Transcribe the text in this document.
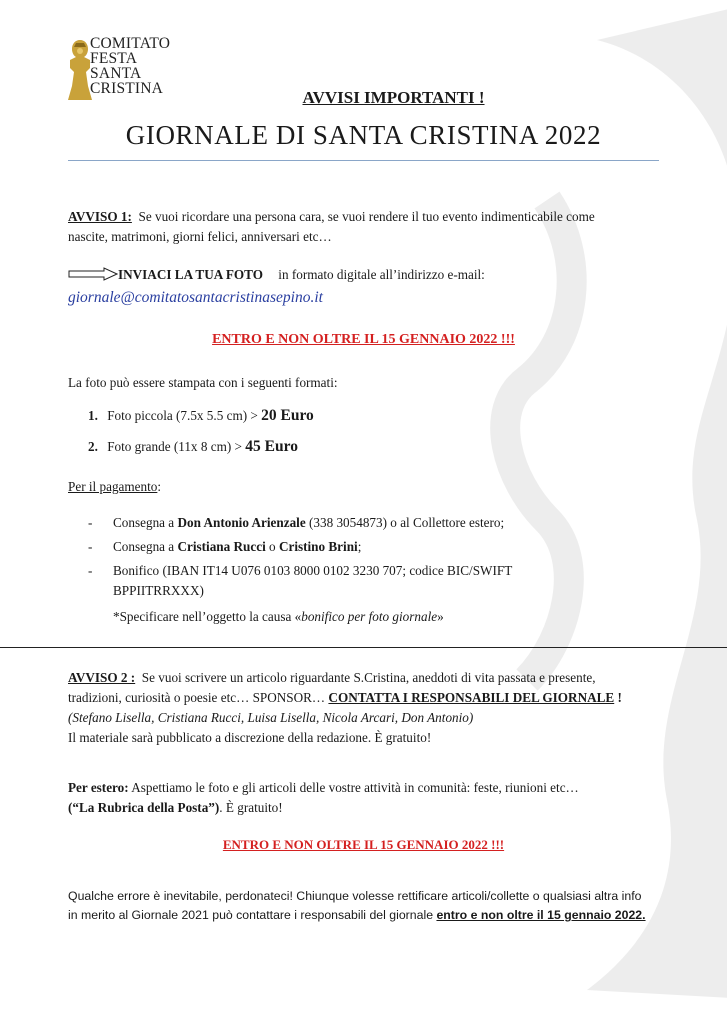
COMITATO
FESTA
SANTA
CRISTINA	AVVISI IMPORTANTI !
GIORNALE DI SANTA CRISTINA 2022
AVVISO 1: Se vuoi ricordare una persona cara, se vuoi rendere il tuo evento indimenticabile come
nascite, matrimoni, giorni felici, anniversari etc…
INVIACI LA TUA FOTO in formato digitale all’indirizzo e-mail:
giornale@comitatosantacristinasepino.it
ENTRO E NON OLTRE IL 15 GENNAIO 2022 !!!
La foto può essere stampata con i seguenti formati:
1. Foto piccola (7.5x 5.5 cm) > 20 Euro
2. Foto grande (11x 8 cm) > 45 Euro
Per il pagamento:
- Consegna a Don Antonio Arienzale (338 3054873) o al Collettore estero;
- Consegna a Cristiana Rucci o Cristino Brini;
- Bonifico (IBAN IT14 U076 0103 8000 0102 3230 707; codice BIC/SWIFT
BPPIITRRXXX)
*Specificare nell’oggetto la causa «bonifico per foto giornale»
AVVISO 2 : Se vuoi scrivere un articolo riguardante S.Cristina, aneddoti di vita passata e presente,
tradizioni, curiosità o poesie etc… SPONSOR… CONTATTA I RESPONSABILI DEL GIORNALE !
(Stefano Lisella, Cristiana Rucci, Luisa Lisella, Nicola Arcari, Don Antonio)
Il materiale sarà pubblicato a discrezione della redazione. È gratuito!
Per estero: Aspettiamo le foto e gli articoli delle vostre attività in comunità: feste, riunioni etc…
(“La Rubrica della Posta”). È gratuito!
ENTRO E NON OLTRE IL 15 GENNAIO 2022 !!!
Qualche errore è inevitabile, perdonateci! Chiunque volesse rettificare articoli/collette o qualsiasi altra info
in merito al Giornale 2021 può contattare i responsabili del giornale entro e non oltre il 15 gennaio 2022.
